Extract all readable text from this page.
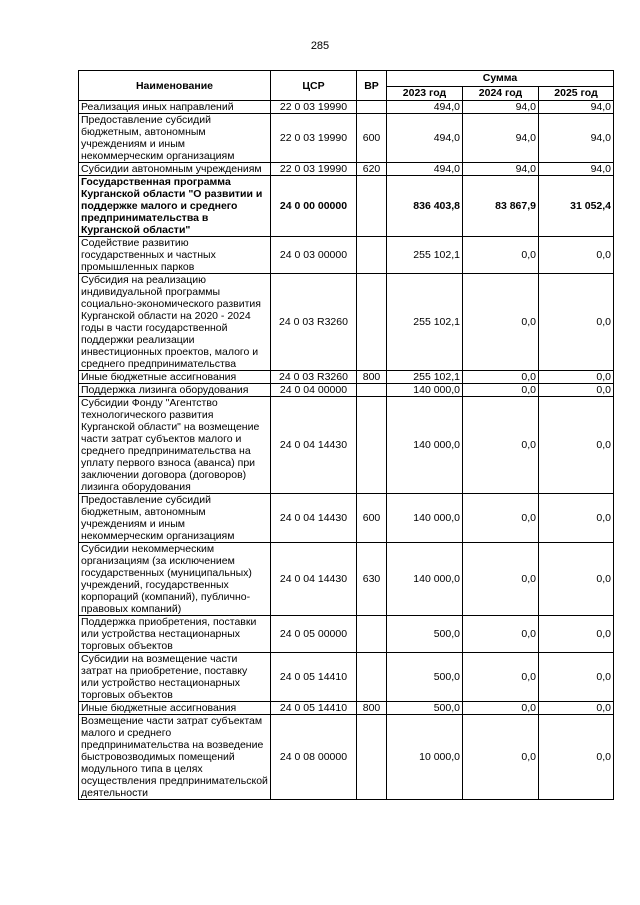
285
Наименование	ЦСР	ВР	Сумма		
			2023 год	2024 год	2025 год
Реализация иных направлений	22 0 03 19990		494,0	94,0	94,0
Предоставление субсидий бюджетным, автономным учреждениям и иным некоммерческим организациям	22 0 03 19990	600	494,0	94,0	94,0
Субсидии автономным учреждениям	22 0 03 19990	620	494,0	94,0	94,0
Государственная программа Курганской области "О развитии и поддержке малого и среднего предпринимательства в Курганской области"	24 0 00 00000		836 403,8	83 867,9	31 052,4
Содействие развитию государственных и частных промышленных парков	24 0 03 00000		255 102,1	0,0	0,0
Субсидия на реализацию индивидуальной программы социально-экономического развития Курганской области на 2020 - 2024 годы в части государственной поддержки реализации инвестиционных проектов, малого и среднего предпринимательства	24 0 03 R3260		255 102,1	0,0	0,0
Иные бюджетные ассигнования	24 0 03 R3260	800	255 102,1	0,0	0,0
Поддержка лизинга оборудования	24 0 04 00000		140 000,0	0,0	0,0
Субсидии Фонду "Агентство технологического развития Курганской области" на возмещение части затрат субъектов малого и среднего предпринимательства на уплату первого взноса (аванса) при заключении договора (договоров) лизинга оборудования	24 0 04 14430		140 000,0	0,0	0,0
Предоставление субсидий бюджетным, автономным учреждениям и иным некоммерческим организациям	24 0 04 14430	600	140 000,0	0,0	0,0
Субсидии некоммерческим организациям (за исключением государственных (муниципальных) учреждений, государственных корпораций (компаний), публично-правовых компаний)	24 0 04 14430	630	140 000,0	0,0	0,0
Поддержка приобретения, поставки или устройства нестационарных торговых объектов	24 0 05 00000		500,0	0,0	0,0
Субсидии на возмещение части затрат на приобретение, поставку или устройство нестационарных торговых объектов	24 0 05 14410		500,0	0,0	0,0
Иные бюджетные ассигнования	24 0 05 14410	800	500,0	0,0	0,0
Возмещение части затрат субъектам малого и среднего предпринимательства на возведение быстровозводимых помещений модульного типа в целях осуществления предпринимательской деятельности	24 0 08 00000		10 000,0	0,0	0,0
